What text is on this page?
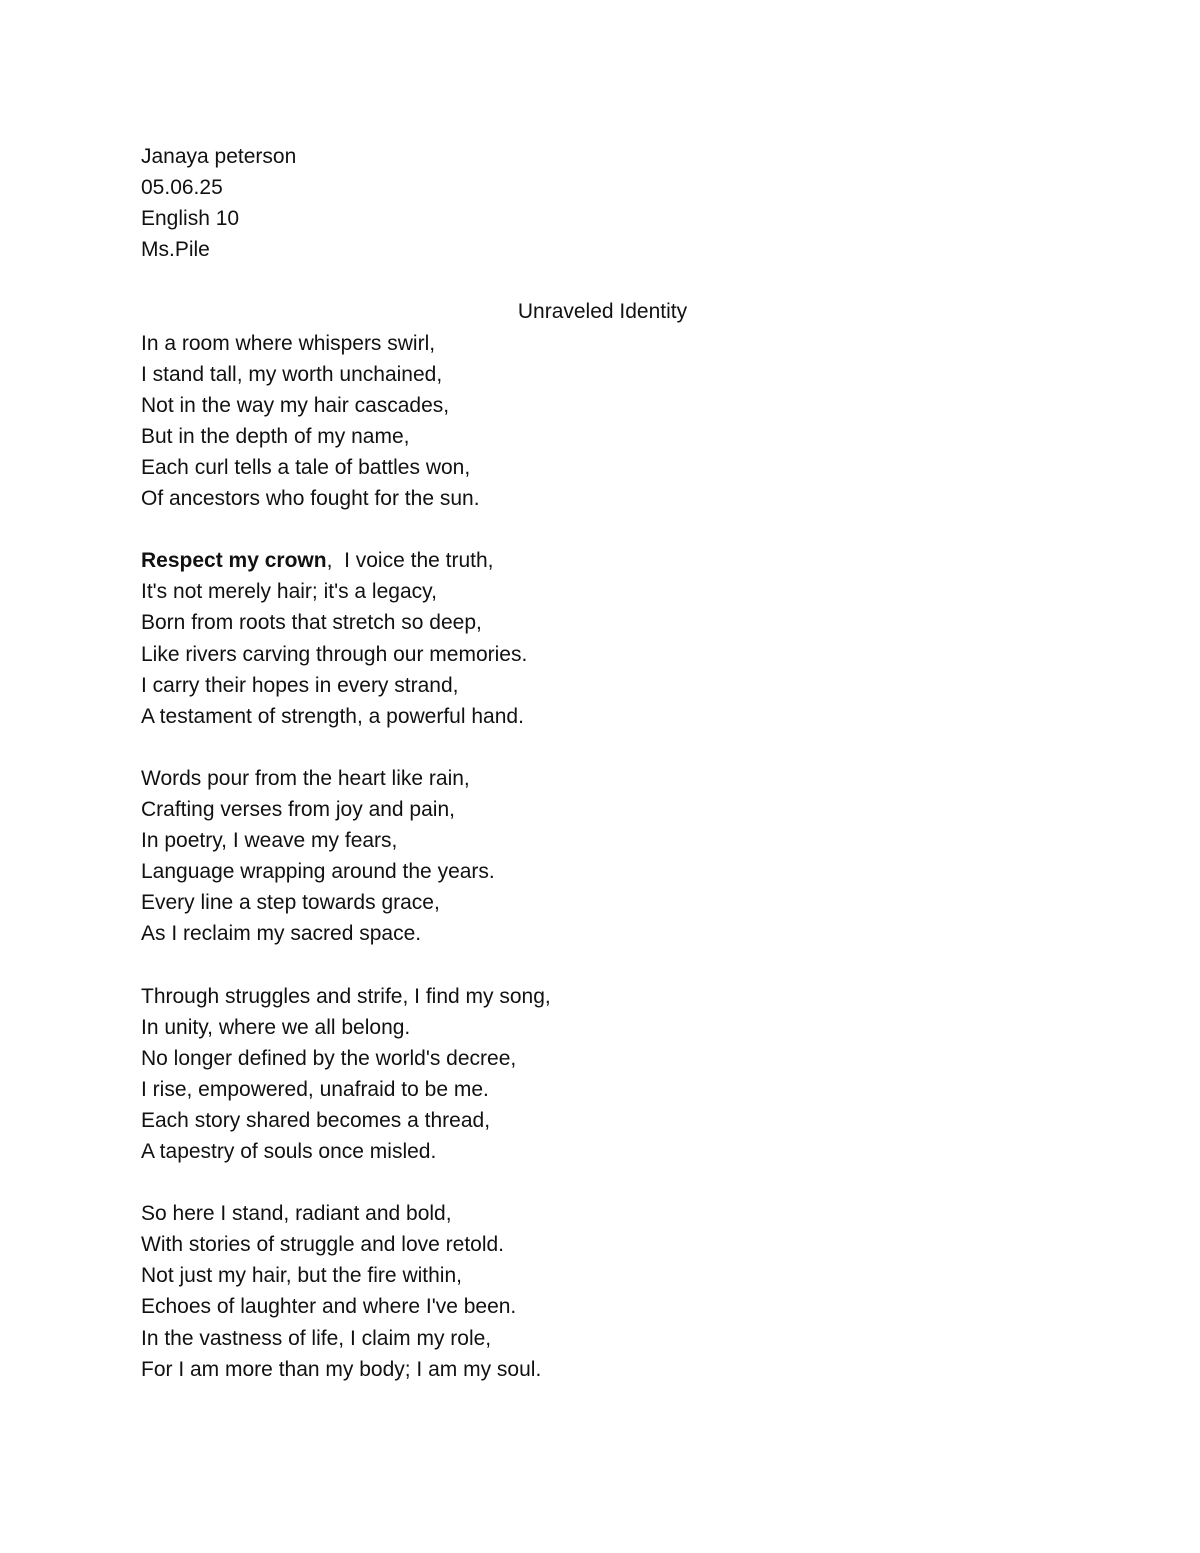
Janaya peterson
05.06.25
English 10
Ms.Pile
Unraveled Identity
In a room where whispers swirl,
I stand tall, my worth unchained,
Not in the way my hair cascades,
But in the depth of my name,
Each curl tells a tale of battles won,
Of ancestors who fought for the sun.
Respect my crown,  I voice the truth,
It's not merely hair; it's a legacy,
Born from roots that stretch so deep,
Like rivers carving through our memories.
I carry their hopes in every strand,
A testament of strength, a powerful hand.
Words pour from the heart like rain,
Crafting verses from joy and pain,
In poetry, I weave my fears,
Language wrapping around the years.
Every line a step towards grace,
As I reclaim my sacred space.
Through struggles and strife, I find my song,
In unity, where we all belong.
No longer defined by the world's decree,
I rise, empowered, unafraid to be me.
Each story shared becomes a thread,
A tapestry of souls once misled.
So here I stand, radiant and bold,
With stories of struggle and love retold.
Not just my hair, but the fire within,
Echoes of laughter and where I've been.
In the vastness of life, I claim my role,
For I am more than my body; I am my soul.
